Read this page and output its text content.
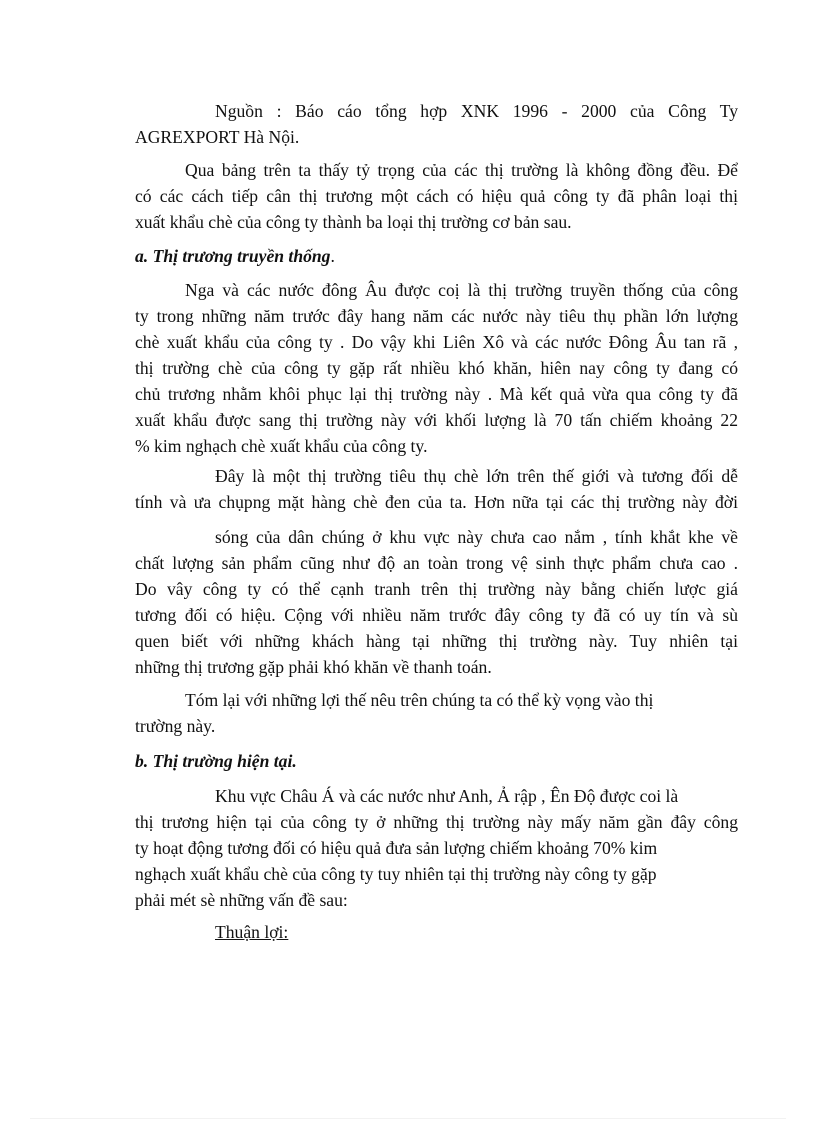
Nguồn : Báo cáo tổng hợp XNK 1996 - 2000 của Công Ty
AGREXPORT Hà Nội.
Qua bảng trên ta thấy tỷ trọng của các thị trường là không đồng đều. Để
có các cách tiếp cân thị trương một cách có hiệu quả công ty đã phân loại thị
xuất khẩu chè của công ty thành ba loại thị trường cơ bản sau.
a. Thị trương truyền thống.
Nga và các nước đông Âu được coị là thị trường truyền thống của công
ty trong những năm trước đây hang năm các nước này tiêu thụ phần lớn lượng
chè xuất khẩu của công ty . Do vậy khi Liên Xô và các nước Đông Âu tan rã ,
thị trường chè của công ty gặp rất nhiều khó khăn, hiên nay công ty đang có
chủ trương nhằm khôi phục lại thị trường này . Mà kết quả vừa qua công ty đã
xuất khẩu được sang thị trường này với khối lượng là 70 tấn chiếm khoảng 22
% kim nghạch chè xuất khẩu của công ty.
Đây là một thị trường tiêu thụ chè lớn trên thế giới và tương đối dễ
tính và ưa chụpng mặt hàng chè đen của ta. Hơn nữa tại các thị trường này đời
sóng của dân chúng ở khu vực này chưa cao nắm , tính khắt khe về
chất lượng sản phẩm cũng như độ an toàn trong vệ sinh thực phẩm chưa cao .
Do vây công ty có thể cạnh tranh trên thị trường này bằng chiến lược giá
tương đối có hiệu. Cộng với nhiều năm trước đây công ty đã có uy tín và sù
quen biết với những khách hàng tại những thị trường này. Tuy nhiên tại
những thị trương gặp phải khó khăn về thanh toán.
Tóm lại với những lợi thế nêu trên chúng ta có thể kỳ vọng vào thị
trường này.
b. Thị trường hiện tại.
Khu vực Châu Á và các nước như Anh, Ả rập , Ên Độ được coi là
thị trương hiện tại của công ty ở những thị trường này mấy năm gần đây công
ty hoạt động tương đối có hiệu quả đưa sản lượng chiếm khoảng 70% kim
nghạch xuất khẩu chè của công ty tuy nhiên tại thị trường này công ty gặp
phải mét sè những vấn đề sau:
Thuận lợi:
